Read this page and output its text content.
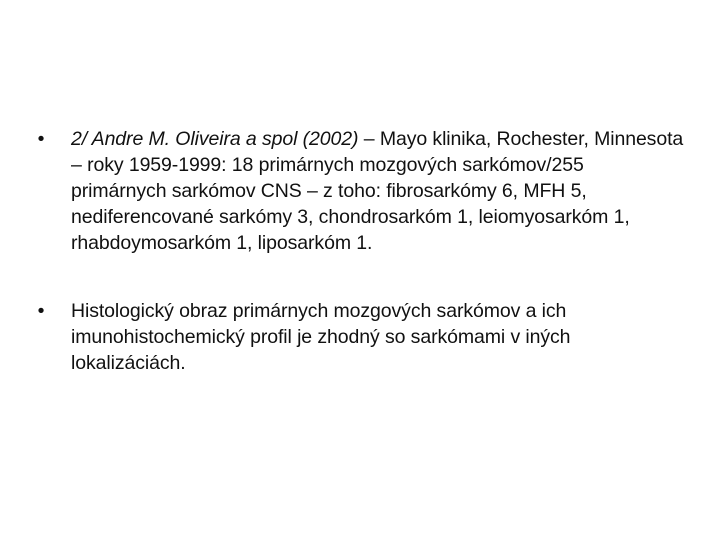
• 2/ Andre M. Oliveira a spol (2002) – Mayo klinika, Rochester, Minnesota – roky 1959-1999: 18 primárnych mozgových sarkómov/255 primárnych sarkómov CNS – z toho: fibrosarkómy 6, MFH 5, nediferencované sarkómy 3, chondrosarkóm 1, leiomyosarkóm 1, rhabdoymosarkóm 1, liposarkóm 1.
• Histologický obraz primárnych mozgových sarkómov a ich imunohistochemický profil je zhodný so sarkómami v iných lokalizáciách.
